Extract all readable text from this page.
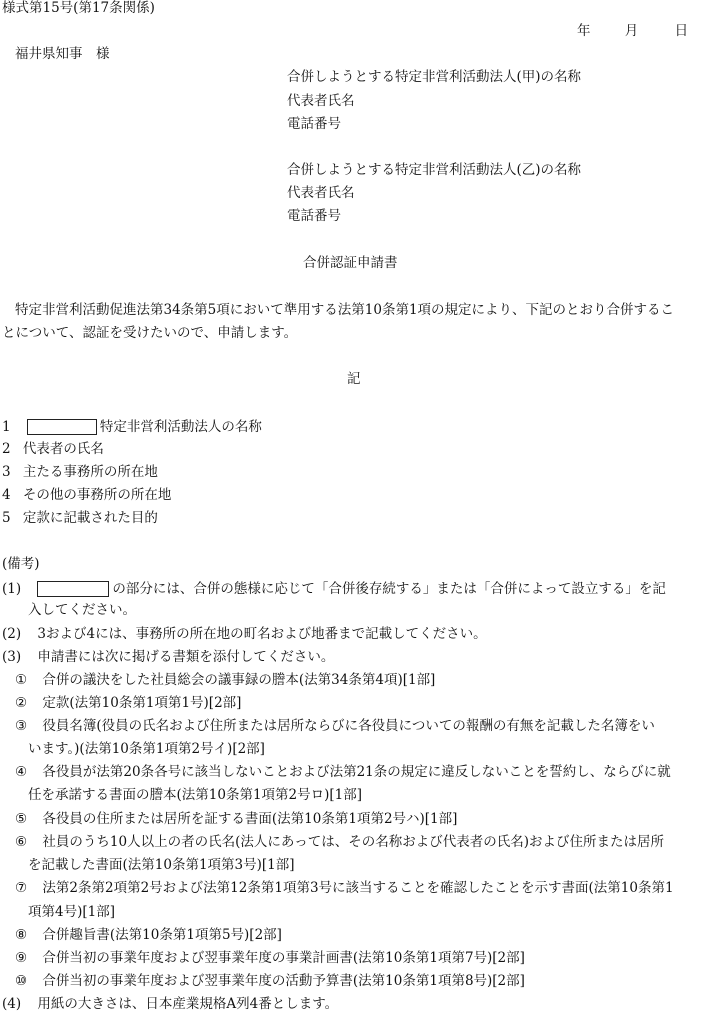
様式第15号(第17条関係)
年	月	日
福井県知事　様
合併しようとする特定非営利活動法人(甲)の名称
代表者氏名
電話番号
合併しようとする特定非営利活動法人(乙)の名称
代表者氏名
電話番号
合併認証申請書
特定非営利活動促進法第34条第5項において準用する法第10条第1項の規定により、下記のとおり合併するこ
とについて、認証を受けたいので、申請します。
記
1	特定非営利活動法人の名称
2 代表者の氏名
3 主たる事務所の所在地
4 その他の事務所の所在地
5 定款に記載された目的
(備考)
(1)	の部分には、合併の態様に応じて「合併後存続する」または「合併によって設立する」を記
入してください。
(2) 3および4には、事務所の所在地の町名および地番まで記載してください。
(3) 申請書には次に掲げる書類を添付してください。
① 合併の議決をした社員総会の議事録の謄本(法第34条第4項)[1部]
② 定款(法第10条第1項第1号)[2部]
③ 役員名簿(役員の氏名および住所または居所ならびに各役員についての報酬の有無を記載した名簿をい
います。)(法第10条第1項第2号イ)[2部]
④ 各役員が法第20条各号に該当しないことおよび法第21条の規定に違反しないことを誓約し、ならびに就
任を承諾する書面の謄本(法第10条第1項第2号ロ)[1部]
⑤ 各役員の住所または居所を証する書面(法第10条第1項第2号ハ)[1部]
⑥ 社員のうち10人以上の者の氏名(法人にあっては、その名称および代表者の氏名)および住所または居所
を記載した書面(法第10条第1項第3号)[1部]
⑦ 法第2条第2項第2号および法第12条第1項第3号に該当することを確認したことを示す書面(法第10条第1
項第4号)[1部]
⑧ 合併趣旨書(法第10条第1項第5号)[2部]
⑨ 合併当初の事業年度および翌事業年度の事業計画書(法第10条第1項第7号)[2部]
⑩ 合併当初の事業年度および翌事業年度の活動予算書(法第10条第1項第8号)[2部]
(4) 用紙の大きさは、日本産業規格A列4番とします。
